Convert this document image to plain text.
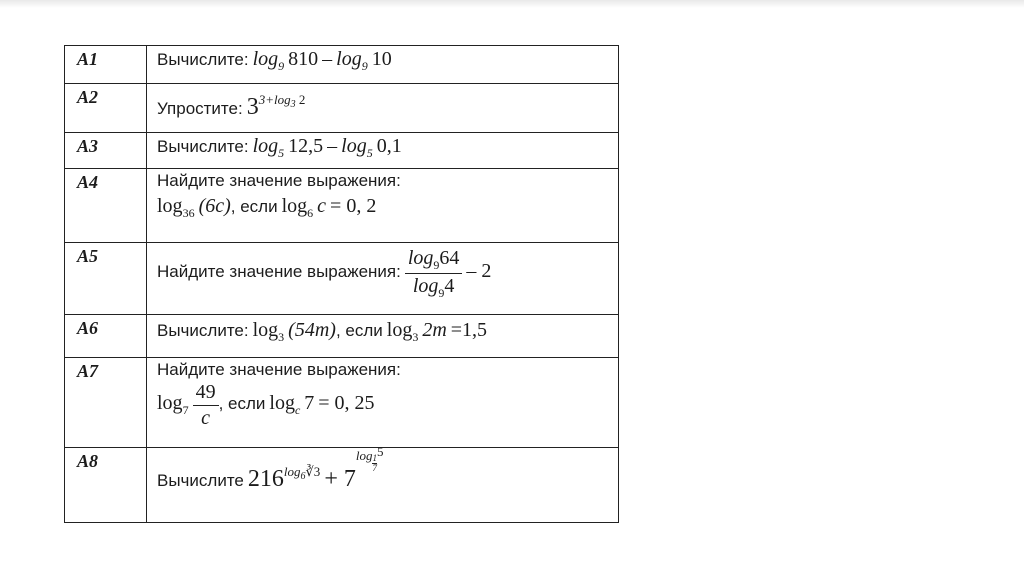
A1	Вычислите: $\log_9 810 - \log_9 10$
A2	Упростите: $3^{3+log_3 2}$
A3	Вычислите: $\log_5 12,5 - \log_5 0,1$
A4	Найдите значение выражения:
$\log_{36} (6c)$, если $\log_6 c = 0$, 2

A5	Найдите значение выражения: $\frac{\log_964}{\log_94} - 2$
A6	Вычислите: $\log_3 (54m)$, если $\log_3 2m =1,5$
A7	Найдите значение выражения:
$\log_7 \frac{49}{c}$ , если $\log_c 7 = 0$, 25

A8	Вычислите $216^{log_6∛3} + 7\log \frac{1}{7}$
5
